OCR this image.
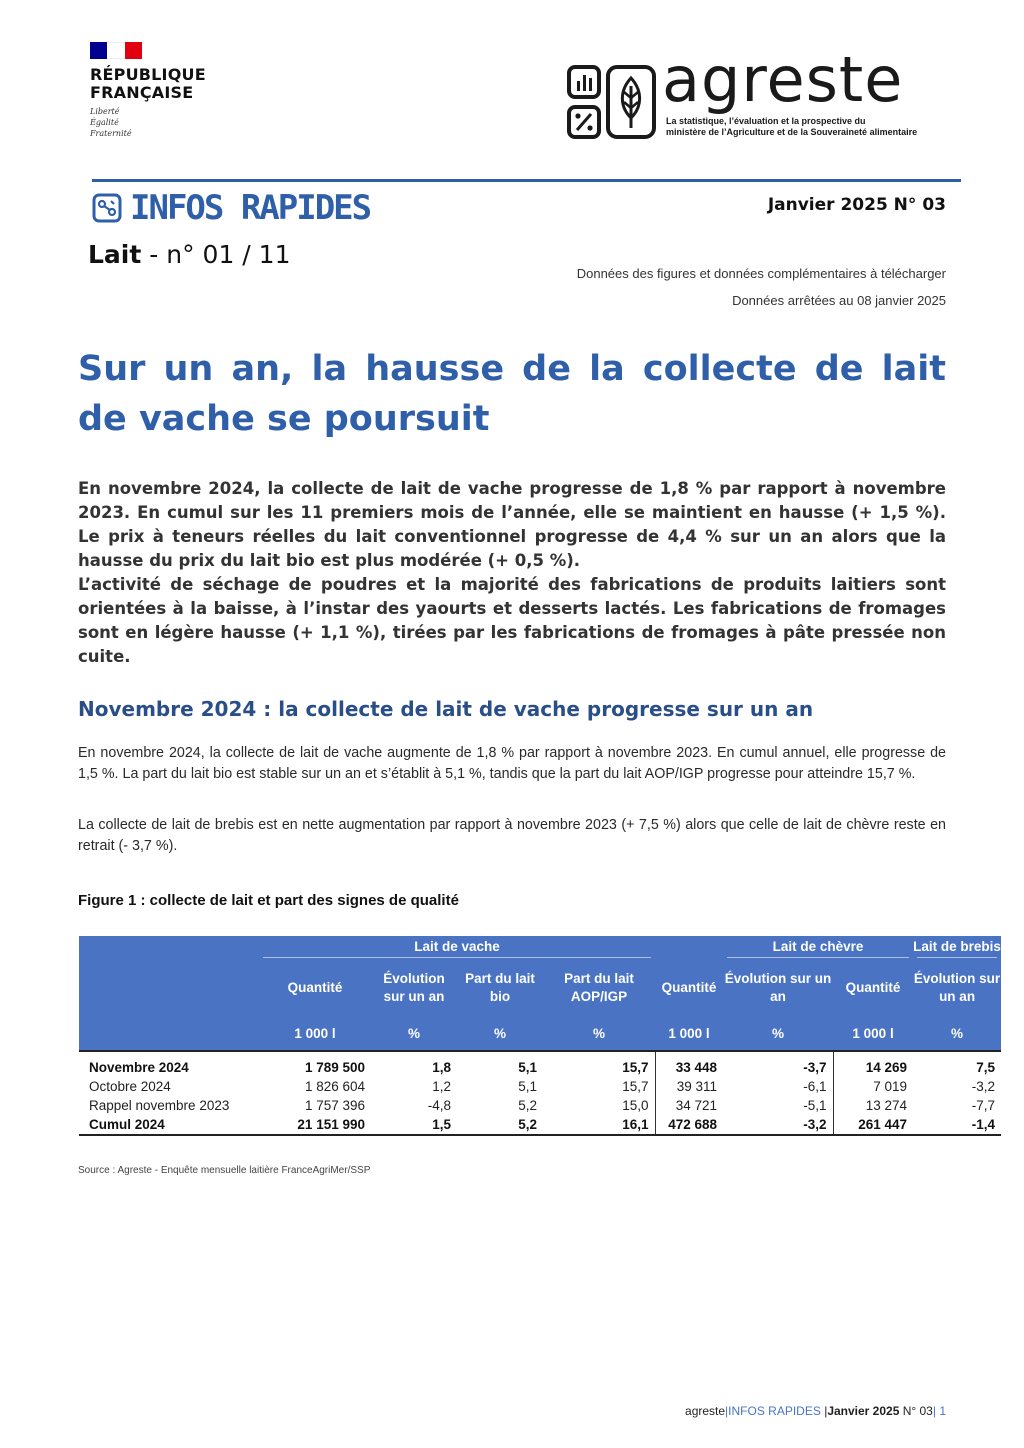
RÉPUBLIQUE
FRANÇAISE
Liberté
Égalité
Fraternité
agreste
La statistique, l’évaluation et la prospective du
ministère de l’Agriculture et de la Souveraineté alimentaire
INFOS RAPIDES	Janvier 2025 N° 03
Lait - n° 01 / 11
Données des figures et données complémentaires à télécharger
Données arrêtées au 08 janvier 2025
Sur un an, la hausse de la collecte de lait de vache se poursuit

En novembre 2024, la collecte de lait de vache progresse de 1,8 % par rapport à novembre 2023. En cumul sur les 11 premiers mois de l’année, elle se maintient en hausse (+ 1,5 %). Le prix à teneurs réelles du lait conventionnel progresse de 4,4 % sur un an alors que la hausse du prix du lait bio est plus modérée (+ 0,5 %).

L’activité de séchage de poudres et la majorité des fabrications de produits laitiers sont orientées à la baisse, à l’instar des yaourts et desserts lactés. Les fabrications de fromages sont en légère hausse (+ 1,1 %), tirées par les fabrications de fromages à pâte pressée non cuite.

Novembre 2024 : la collecte de lait de vache progresse sur un an

En novembre 2024, la collecte de lait de vache augmente de 1,8 % par rapport à novembre 2023. En cumul annuel, elle progresse de 1,5 %. La part du lait bio est stable sur un an et s’établit à 5,1 %, tandis que la part du lait AOP/IGP progresse pour atteindre 15,7 %.

La collecte de lait de brebis est en nette augmentation par rapport à novembre 2023 (+ 7,5 %) alors que celle de lait de chèvre reste en retrait (- 3,7 %).

Figure 1 : collecte de lait et part des signes de qualité
	Lait de vache					Lait de chèvre		Lait de brebis
	Quantité	Évolution sur un an	Part du lait bio	Part du lait AOP/IGP	Quantité	Évolution sur un an	Quantité	Évolution sur un an
	1 000 l	%	%	%	1 000 l	%	1 000 l	%
Novembre 2024	1 789 500	1,8	5,1	15,7	33 448	-3,7	14 269	7,5
Octobre 2024	1 826 604	1,2	5,1	15,7	39 311	-6,1	7 019	-3,2
Rappel novembre 2023	1 757 396	-4,8	5,2	15,0	34 721	-5,1	13 274	-7,7
Cumul 2024	21 151 990	1,5	5,2	16,1	472 688	-3,2	261 447	-1,4
Source : Agreste - Enquête mensuelle laitière FranceAgriMer/SSP
agreste|INFOS RAPIDES |Janvier 2025 N° 03| 1
